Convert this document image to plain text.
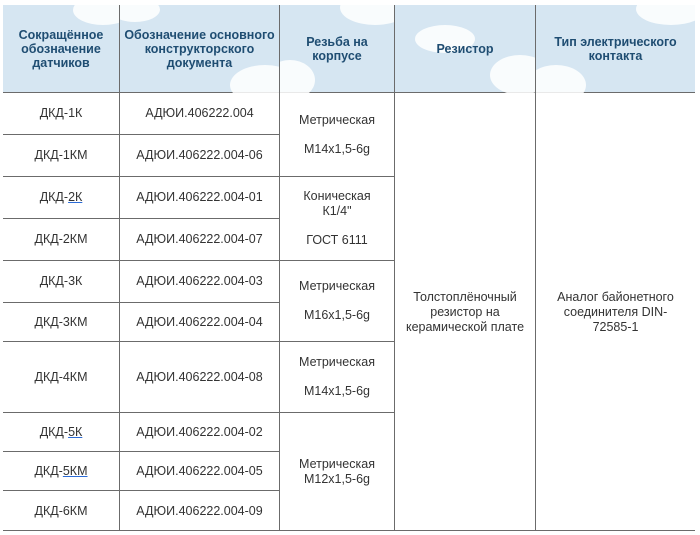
Сокращённое обозначение датчиков
Обозначение основного конструкторского документа
Резьба на корпусе	Резистор	Тип электрического контакта
ДКД-1К
ДКД-1КМ
ДКД- 2К
ДКД-2КМ
ДКД-3К
ДКД-3КМ
ДКД-4КМ
ДКД- 5К
ДКД- 5КМ
ДКД-6КМ
АДЮИ.406222.004
АДЮИ.406222.004-06
АДЮИ.406222.004-01
АДЮИ.406222.004-07
АДЮИ.406222.004-03
АДЮИ.406222.004-04
АДЮИ.406222.004-08
АДЮИ.406222.004-02
АДЮИ.406222.004-05
АДЮИ.406222.004-09
Метрическая
М14х1,5-6g
Коническая
К1/4"
ГОСТ 6111
Метрическая
М16х1,5-6g
Метрическая
М14х1,5-6g
Метрическая
М12х1,5-6g
Толстоплёночный резистор на керамической плате
Аналог байонетного соединителя DIN-72585-1
